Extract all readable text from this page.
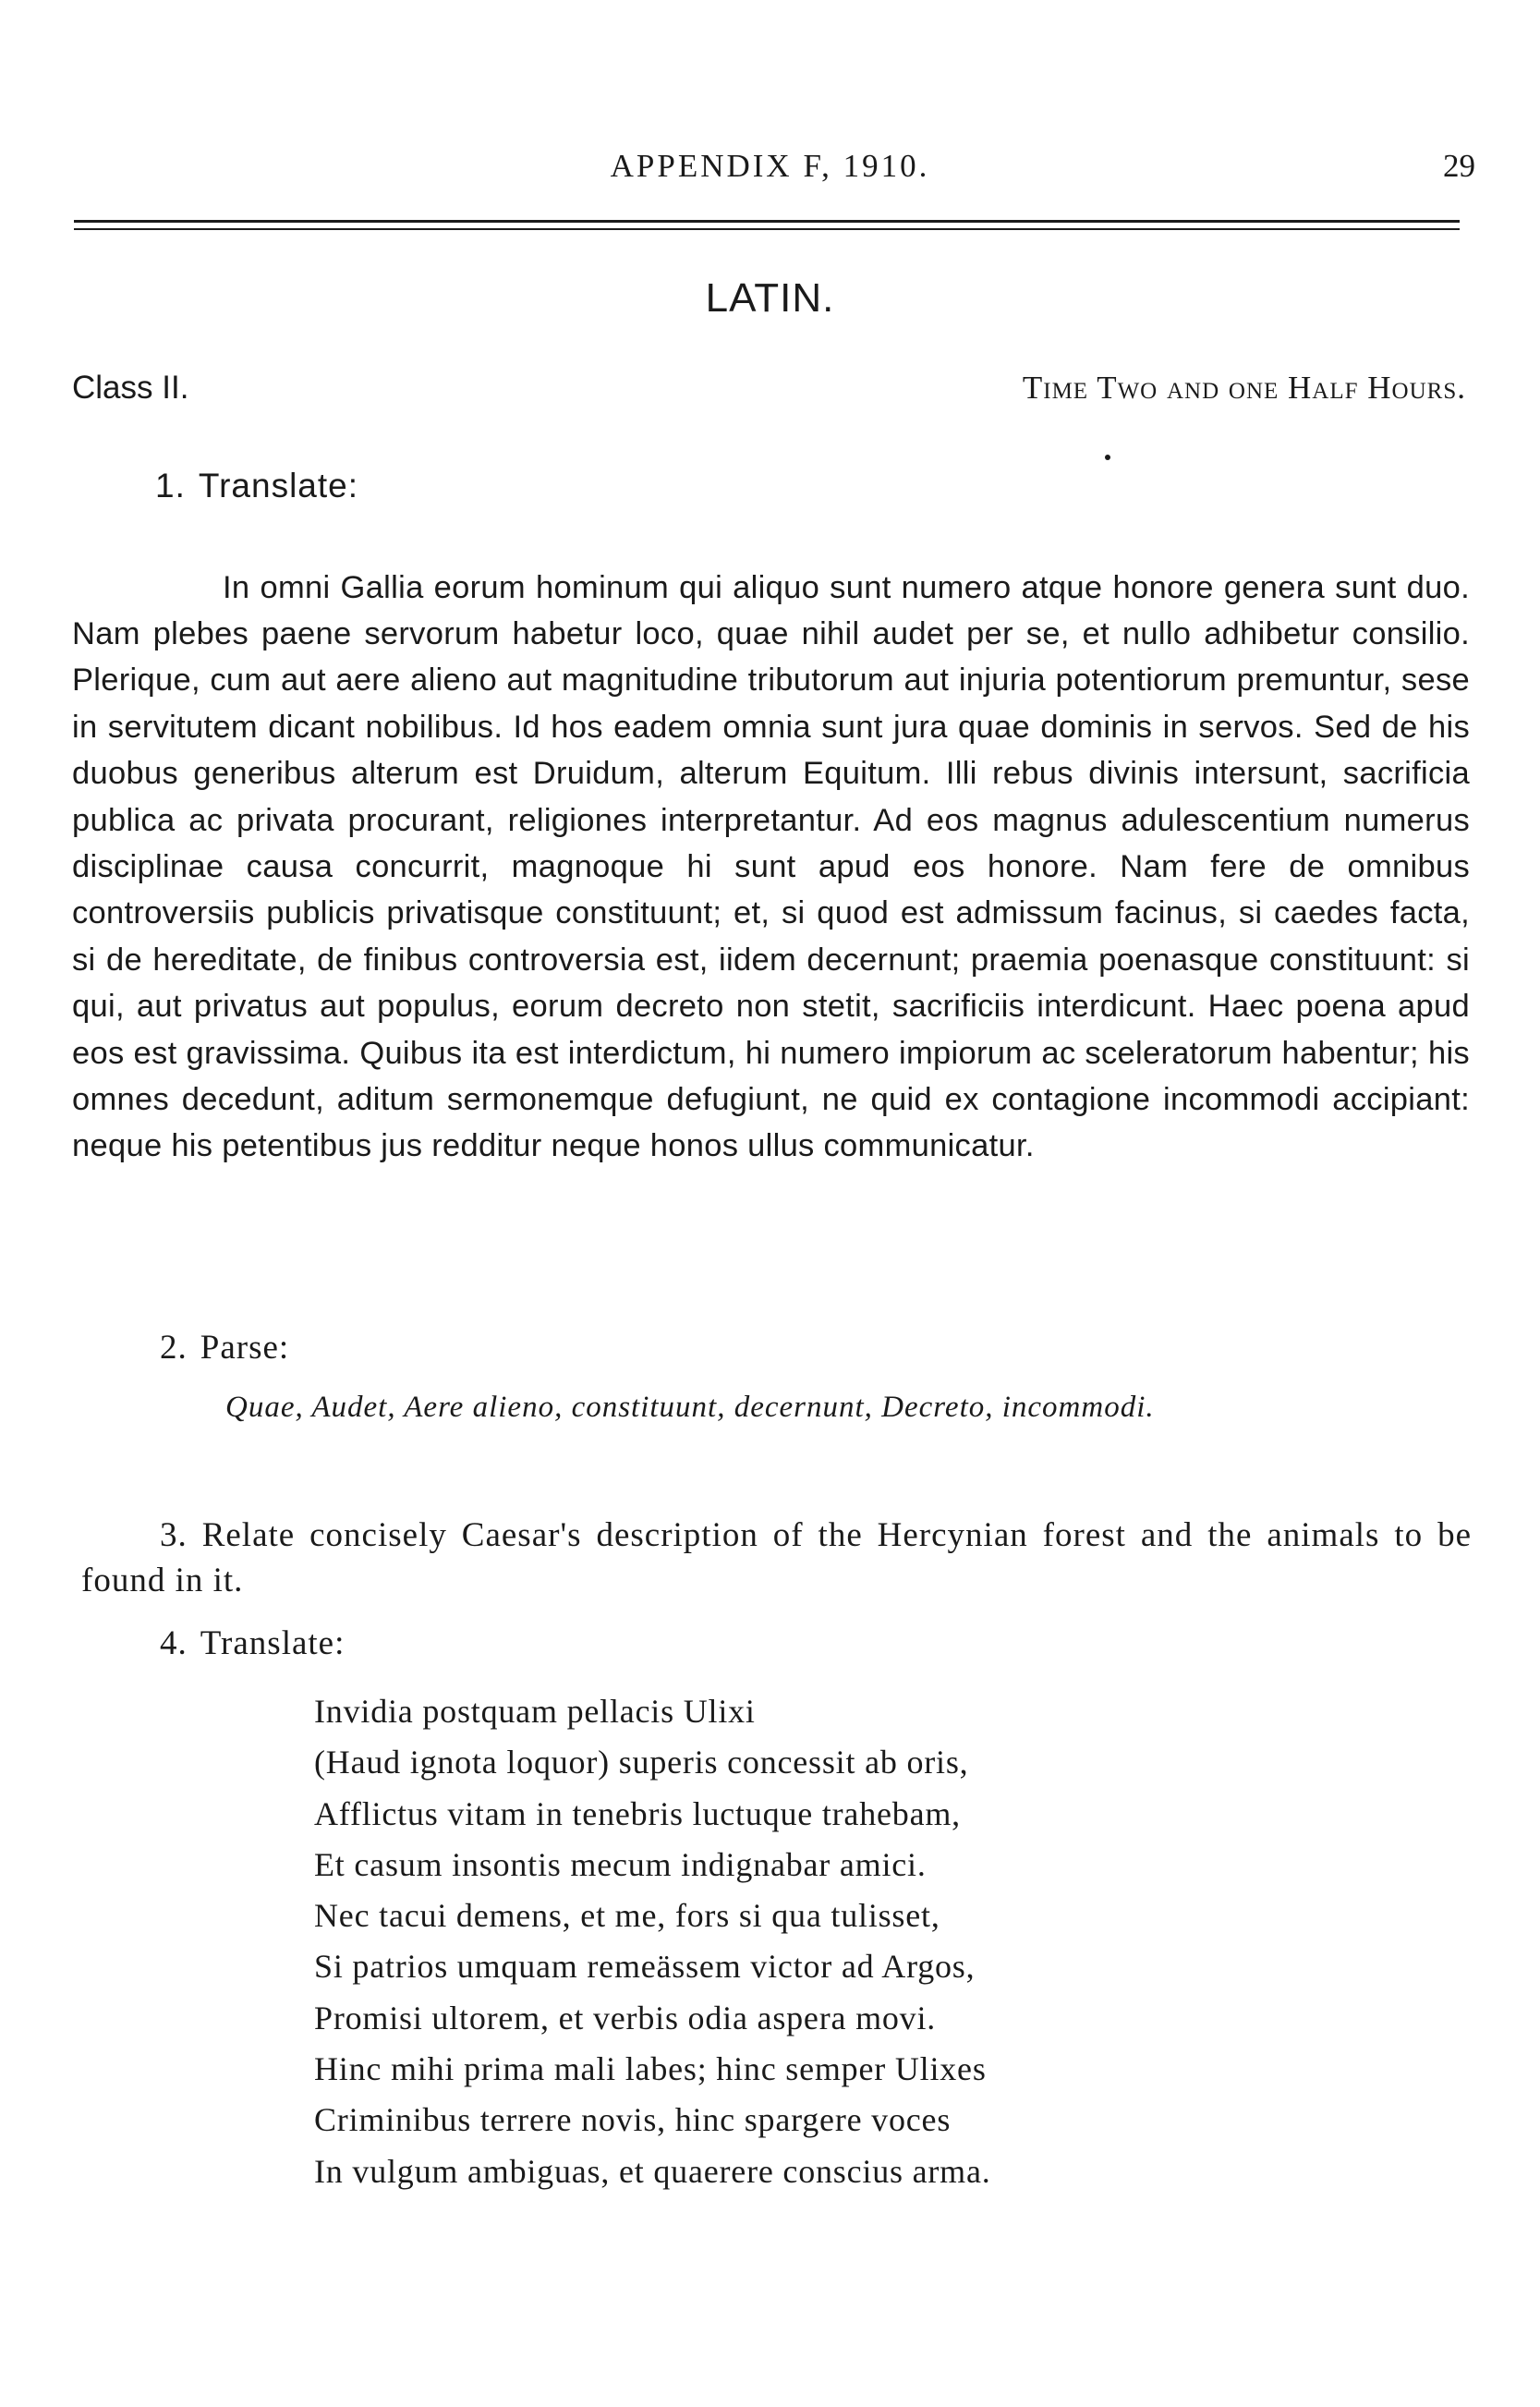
APPENDIX F, 1910.	29
LATIN.
Class II.	Time Two and one Half Hours.
1. Translate:

In omni Gallia eorum hominum qui aliquo sunt numero atque honore genera sunt duo. Nam plebes paene servorum habetur loco, quae nihil audet per se, et nullo adhibetur consilio. Plerique, cum aut aere alieno aut magnitudine tributorum aut injuria potentiorum premuntur, sese in servitutem dicant nobilibus. Id hos eadem omnia sunt jura quae dominis in servos. Sed de his duobus generibus alterum est Druidum, alterum Equitum. Illi rebus divinis intersunt, sacrificia publica ac privata procurant, religiones interpretantur. Ad eos magnus adulescentium numerus disciplinae causa concurrit, magnoque hi sunt apud eos honore. Nam fere de omnibus controversiis publicis privatisque constituunt; et, si quod est admissum facinus, si caedes facta, si de hereditate, de finibus controversia est, iidem decernunt; praemia poenasque constituunt: si qui, aut privatus aut populus, eorum decreto non stetit, sacrificiis interdicunt. Haec poena apud eos est gravissima. Quibus ita est interdictum, hi numero impiorum ac sceleratorum habentur; his omnes decedunt, aditum sermonemque defugiunt, ne quid ex contagione incommodi accipiant: neque his petentibus jus redditur neque honos ullus communicatur.

2. Parse:
Quae, Audet, Aere alieno, constituunt, decernunt, Decreto, incommodi.

3. Relate concisely Caesar's description of the Hercynian forest and the animals to be found in it.

4. Translate:
Invidia postquam pellacis Ulixi
(Haud ignota loquor) superis concessit ab oris,
Afflictus vitam in tenebris luctuque trahebam,
Et casum insontis mecum indignabar amici.
Nec tacui demens, et me, fors si qua tulisset,
Si patrios umquam remeässem victor ad Argos,
Promisi ultorem, et verbis odia aspera movi.
Hinc mihi prima mali labes; hinc semper Ulixes
Criminibus terrere novis, hinc spargere voces
In vulgum ambiguas, et quaerere conscius arma.
